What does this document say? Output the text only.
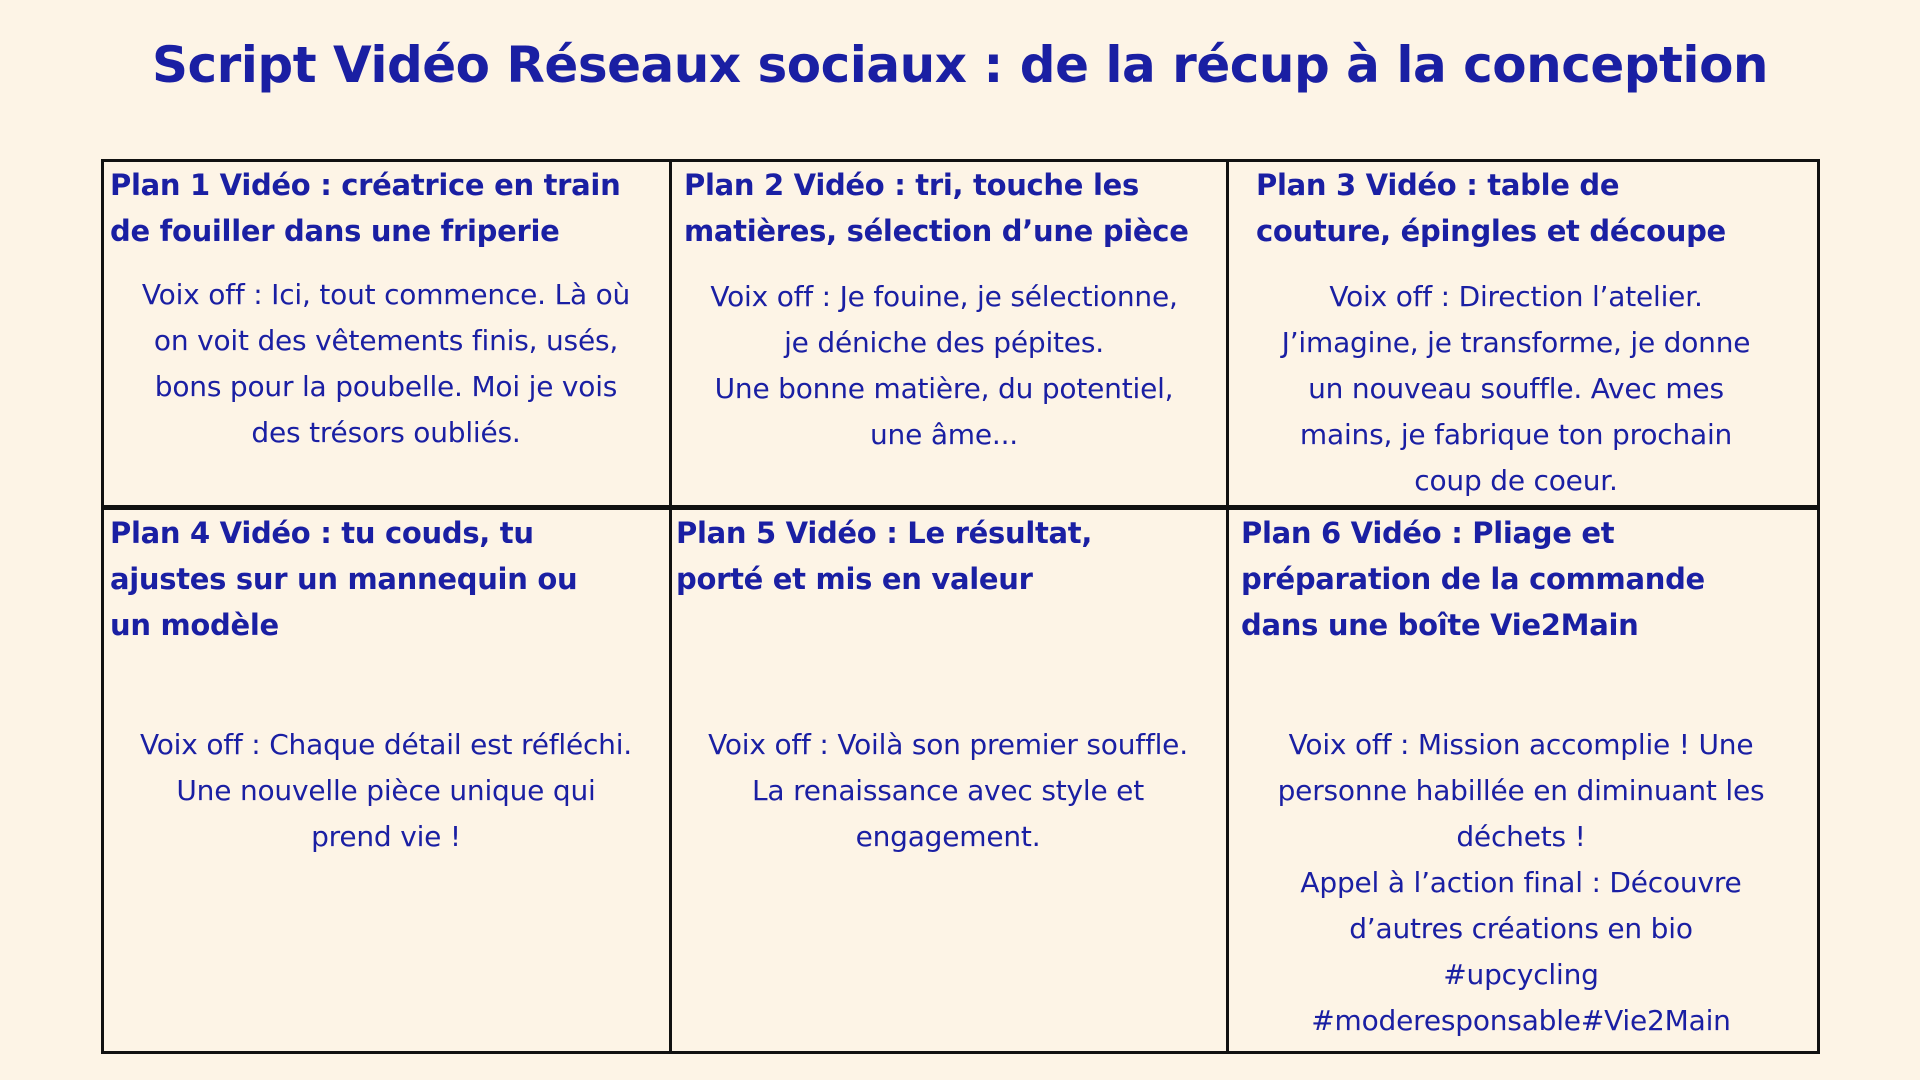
Script Vidéo Réseaux sociaux : de la récup à la conception
Plan 1 Vidéo : créatrice en train
de fouiller dans une friperie
Voix off : Ici, tout commence. Là où
on voit des vêtements finis, usés,
bons pour la poubelle. Moi je vois
des trésors oubliés.
Plan 2 Vidéo : tri, touche les
matières, sélection d’une pièce
Voix off : Je fouine, je sélectionne,
je déniche des pépites.
Une bonne matière, du potentiel,
une âme...
Plan 3 Vidéo : table de
couture, épingles et découpe
Voix off : Direction l’atelier.
J’imagine, je transforme, je donne
un nouveau souffle. Avec mes
mains, je fabrique ton prochain
coup de coeur.
Plan 4 Vidéo : tu couds, tu
ajustes sur un mannequin ou
un modèle
Voix off : Chaque détail est réfléchi.
Une nouvelle pièce unique qui
prend vie !
Plan 5 Vidéo : Le résultat,
porté et mis en valeur
Voix off : Voilà son premier souffle.
La renaissance avec style et
engagement.
Plan 6 Vidéo : Pliage et
préparation de la commande
dans une boîte Vie2Main
Voix off : Mission accomplie ! Une
personne habillée en diminuant les
déchets !
Appel à l’action final : Découvre
d’autres créations en bio
#upcycling
#moderesponsable#Vie2Main
